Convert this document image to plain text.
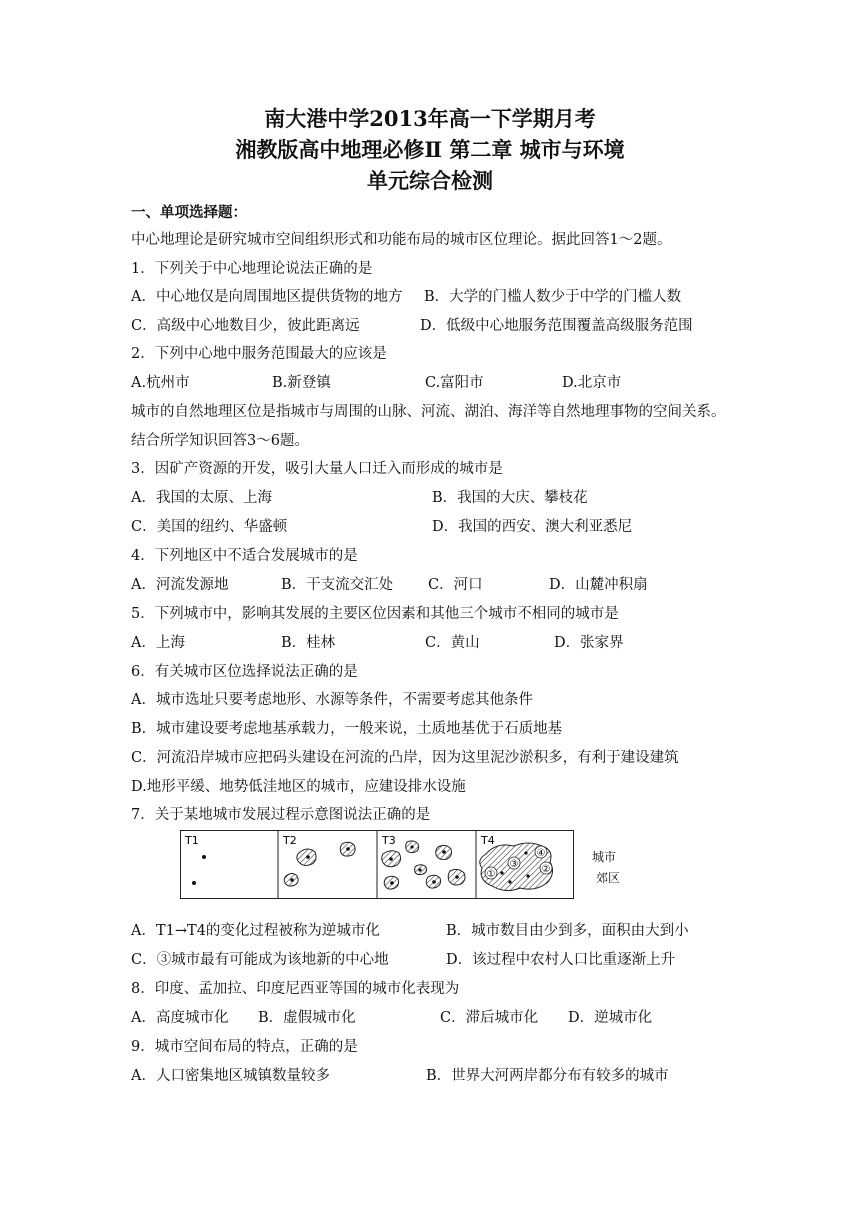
南大港中学2013年高一下学期月考
湘教版高中地理必修Ⅱ 第二章 城市与环境
单元综合检测
一、单项选择题：
中心地理论是研究城市空间组织形式和功能布局的城市区位理论。据此回答1～2题。
1．下列关于中心地理论说法正确的是
A．中心地仅是向周围地区提供货物的地方 B．大学的门槛人数少于中学的门槛人数
C．高级中心地数目少，彼此距离远	D．低级中心地服务范围覆盖高级服务范围
2．下列中心地中服务范围最大的应该是
A.杭州市	B.新登镇	C.富阳市	D.北京市
城市的自然地理区位是指城市与周围的山脉、河流、湖泊、海洋等自然地理事物的空间关系。
结合所学知识回答3～6题。
3．因矿产资源的开发，吸引大量人口迁入而形成的城市是
A．我国的太原、上海	B．我国的大庆、攀枝花
C．美国的纽约、华盛顿	D．我国的西安、澳大利亚悉尼
4．下列地区中不适合发展城市的是
A．河流发源地	B．干支流交汇处 C．河口	D．山麓冲积扇
5．下列城市中，影响其发展的主要区位因素和其他三个城市不相同的城市是
A．上海	B．桂林	C．黄山	D．张家界
6．有关城市区位选择说法正确的是
A．城市选址只要考虑地形、水源等条件，不需要考虑其他条件
B．城市建设要考虑地基承载力，一般来说，土质地基优于石质地基
C．河流沿岸城市应把码头建设在河流的凸岸，因为这里泥沙淤积多，有利于建设建筑
D.地形平缓、地势低洼地区的城市，应建设排水设施
7．关于某地城市发展过程示意图说法正确的是
T1	T2	T3	T4
①
③ ②
④	城市
郊区
A．T1→T4的变化过程被称为逆城市化	B．城市数目由少到多，面积由大到小
C．③城市最有可能成为该地新的中心地	D．该过程中农村人口比重逐渐上升
8．印度、孟加拉、印度尼西亚等国的城市化表现为
A．高度城市化 B．虚假城市化	C．滞后城市化 D．逆城市化
9．城市空间布局的特点，正确的是
A．人口密集地区城镇数量较多	B．世界大河两岸都分布有较多的城市
